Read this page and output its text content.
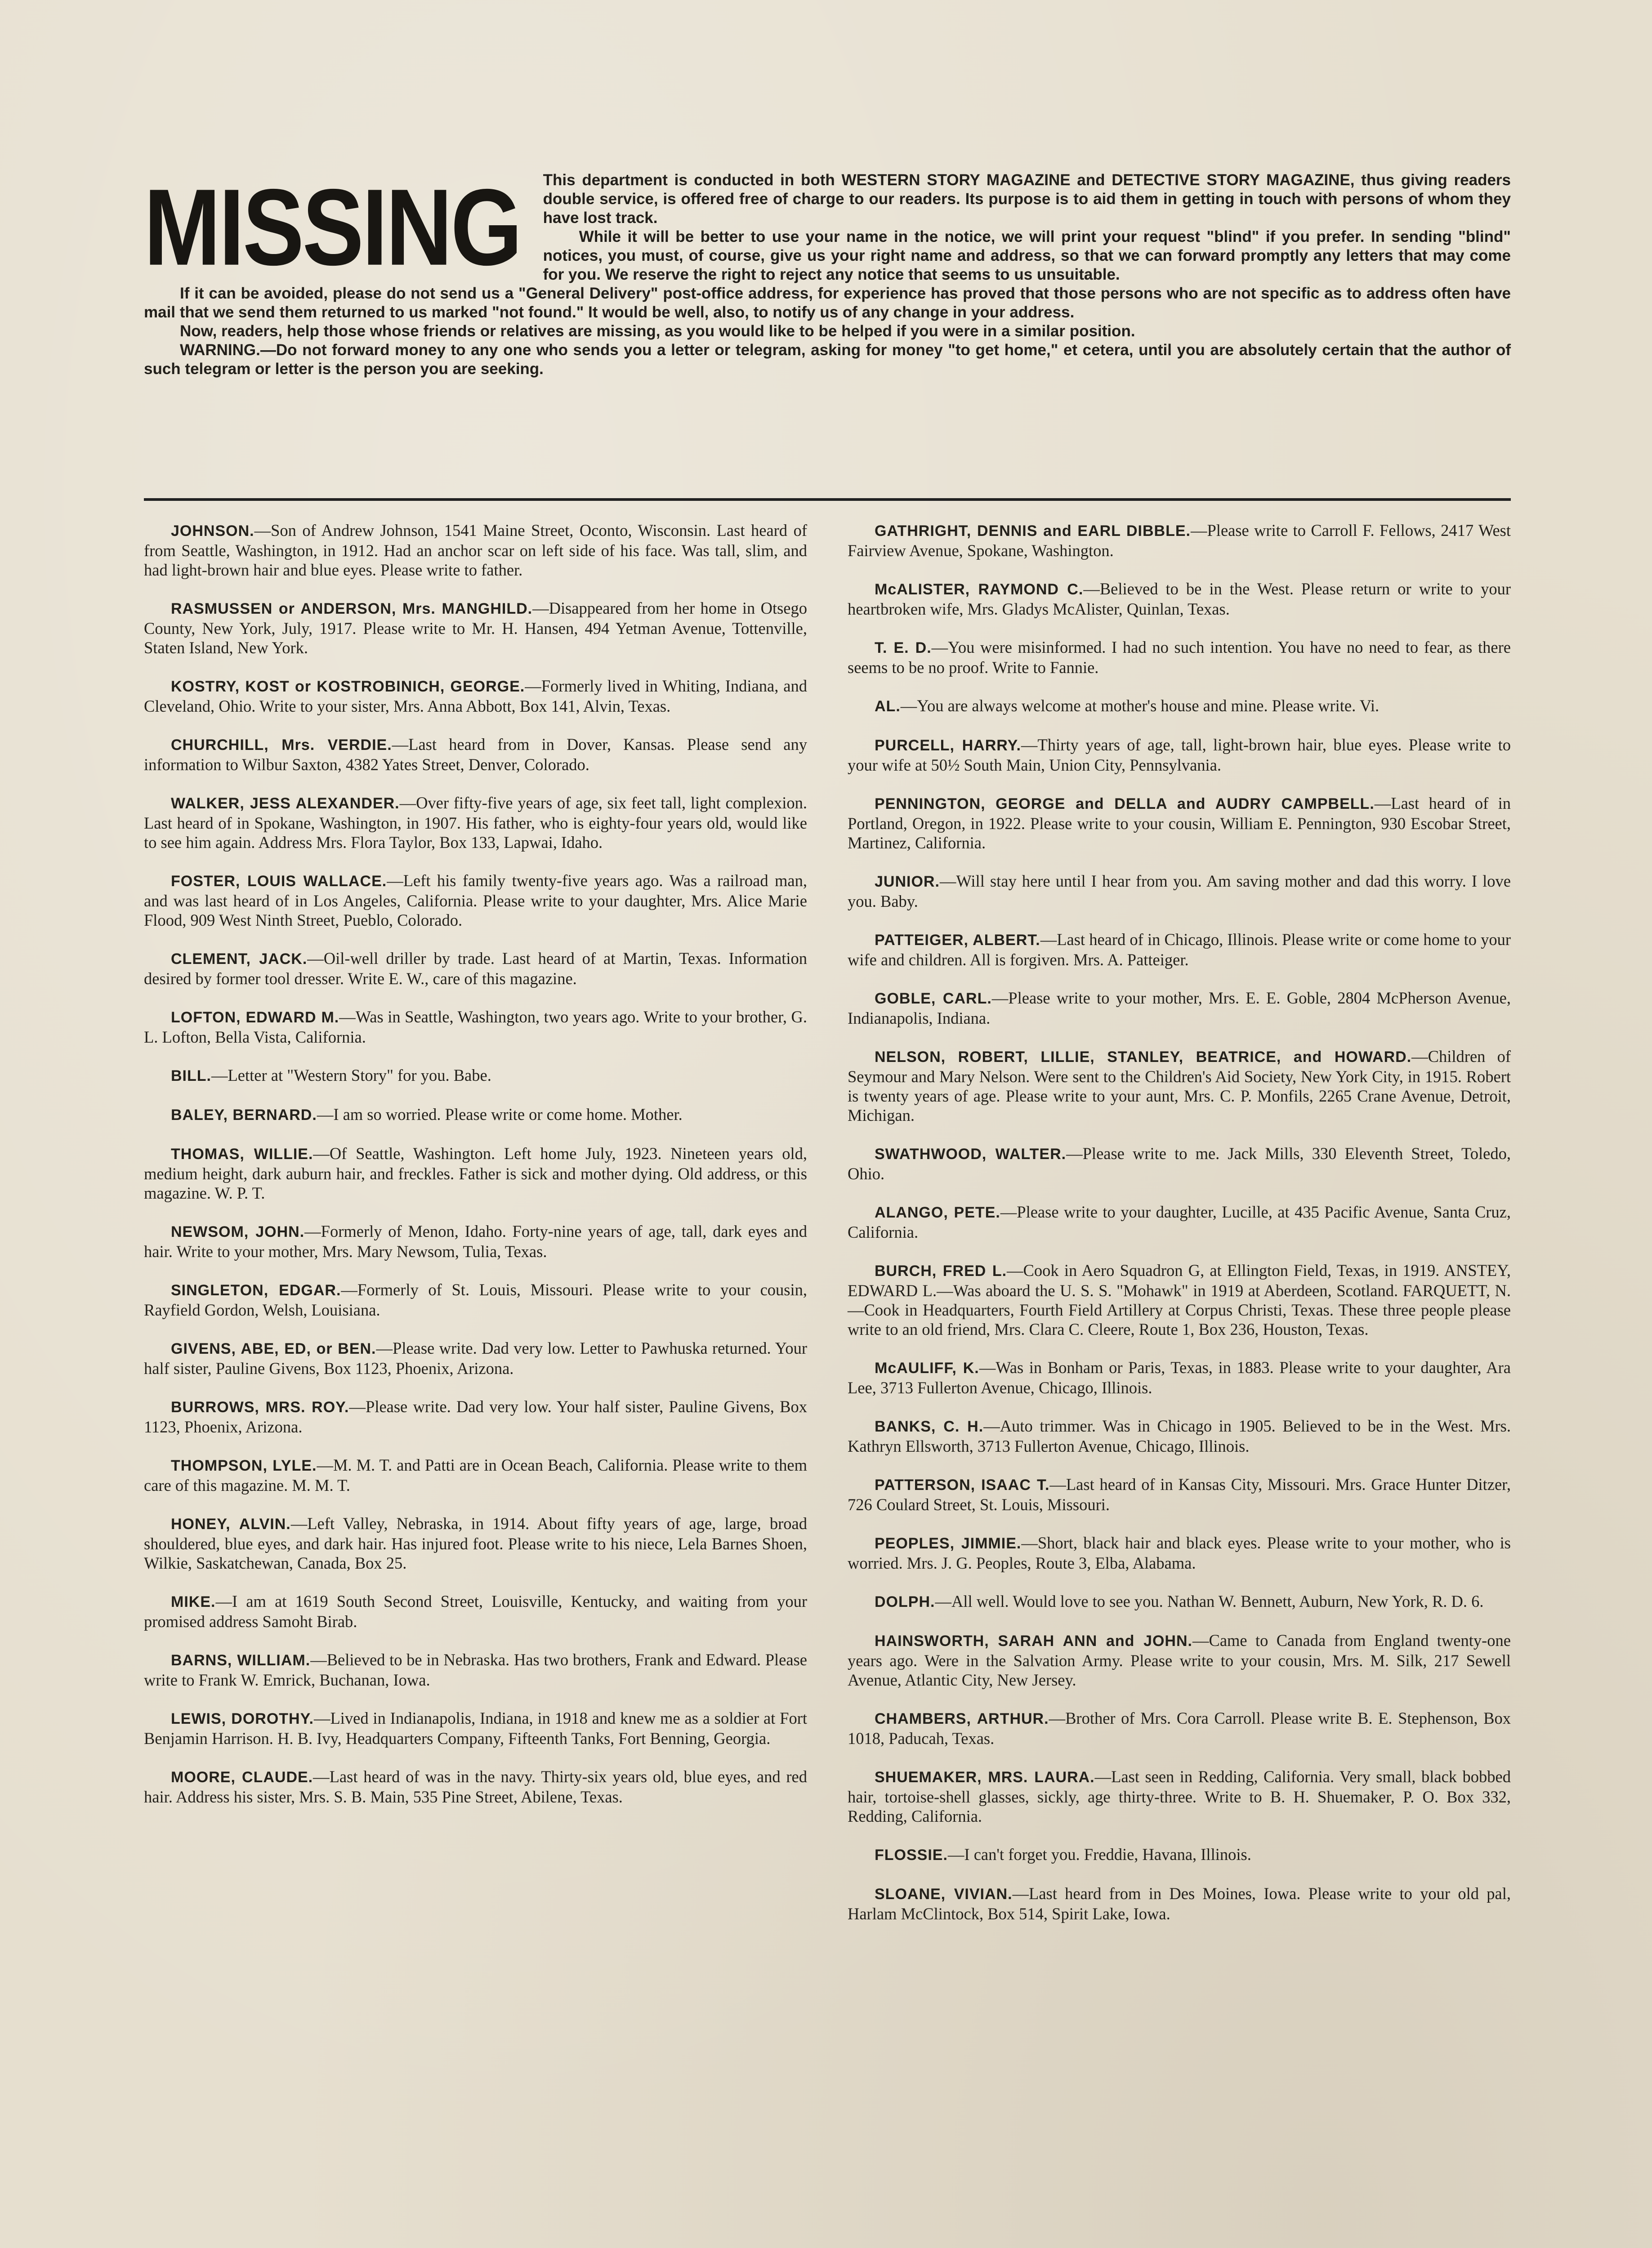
MISSING	This department is conducted in both WESTERN STORY MAGAZINE and DETECTIVE STORY MAGAZINE, thus giving readers double service, is offered free of charge to our readers. Its purpose is to aid them in getting in touch with persons of whom they have lost track.

While it will be better to use your name in the notice, we will print your request "blind" if you prefer. In sending "blind" notices, you must, of course, give us your right name and address, so that we can forward promptly any letters that may come for you. We reserve the right to reject any notice that seems to us unsuitable.

If it can be avoided, please do not send us a "General Delivery" post-office address, for experience has proved that those persons who are not specific as to address often have mail that we send them returned to us marked "not found." It would be well, also, to notify us of any change in your address.

Now, readers, help those whose friends or relatives are missing, as you would like to be helped if you were in a similar position.

WARNING.—Do not forward money to any one who sends you a letter or telegram, asking for money "to get home," et cetera, until you are absolutely certain that the author of such telegram or letter is the person you are seeking.

JOHNSON.—Son of Andrew Johnson, 1541 Maine Street, Oconto, Wisconsin. Last heard of from Seattle, Washington, in 1912. Had an anchor scar on left side of his face. Was tall, slim, and had light-brown hair and blue eyes. Please write to father.

RASMUSSEN or ANDERSON, Mrs. MANGHILD.—Disappeared from her home in Otsego County, New York, July, 1917. Please write to Mr. H. Hansen, 494 Yetman Avenue, Tottenville, Staten Island, New York.

KOSTRY, KOST or KOSTROBINICH, GEORGE.—Formerly lived in Whiting, Indiana, and Cleveland, Ohio. Write to your sister, Mrs. Anna Abbott, Box 141, Alvin, Texas.

CHURCHILL, Mrs. VERDIE.—Last heard from in Dover, Kansas. Please send any information to Wilbur Saxton, 4382 Yates Street, Denver, Colorado.

WALKER, JESS ALEXANDER.—Over fifty-five years of age, six feet tall, light complexion. Last heard of in Spokane, Washington, in 1907. His father, who is eighty-four years old, would like to see him again. Address Mrs. Flora Taylor, Box 133, Lapwai, Idaho.

FOSTER, LOUIS WALLACE.—Left his family twenty-five years ago. Was a railroad man, and was last heard of in Los Angeles, California. Please write to your daughter, Mrs. Alice Marie Flood, 909 West Ninth Street, Pueblo, Colorado.

CLEMENT, JACK.—Oil-well driller by trade. Last heard of at Martin, Texas. Information desired by former tool dresser. Write E. W., care of this magazine.

LOFTON, EDWARD M.—Was in Seattle, Washington, two years ago. Write to your brother, G. L. Lofton, Bella Vista, California.

BILL.—Letter at "Western Story" for you. Babe.

BALEY, BERNARD.—I am so worried. Please write or come home. Mother.

THOMAS, WILLIE.—Of Seattle, Washington. Left home July, 1923. Nineteen years old, medium height, dark auburn hair, and freckles. Father is sick and mother dying. Old address, or this magazine. W. P. T.

NEWSOM, JOHN.—Formerly of Menon, Idaho. Forty-nine years of age, tall, dark eyes and hair. Write to your mother, Mrs. Mary Newsom, Tulia, Texas.

SINGLETON, EDGAR.—Formerly of St. Louis, Missouri. Please write to your cousin, Rayfield Gordon, Welsh, Louisiana.

GIVENS, ABE, ED, or BEN.—Please write. Dad very low. Letter to Pawhuska returned. Your half sister, Pauline Givens, Box 1123, Phoenix, Arizona.

BURROWS, MRS. ROY.—Please write. Dad very low. Your half sister, Pauline Givens, Box 1123, Phoenix, Arizona.

THOMPSON, LYLE.—M. M. T. and Patti are in Ocean Beach, California. Please write to them care of this magazine. M. M. T.

HONEY, ALVIN.—Left Valley, Nebraska, in 1914. About fifty years of age, large, broad shouldered, blue eyes, and dark hair. Has injured foot. Please write to his niece, Lela Barnes Shoen, Wilkie, Saskatchewan, Canada, Box 25.

MIKE.—I am at 1619 South Second Street, Louisville, Kentucky, and waiting from your promised address Samoht Birab.

BARNS, WILLIAM.—Believed to be in Nebraska. Has two brothers, Frank and Edward. Please write to Frank W. Emrick, Buchanan, Iowa.

LEWIS, DOROTHY.—Lived in Indianapolis, Indiana, in 1918 and knew me as a soldier at Fort Benjamin Harrison. H. B. Ivy, Headquarters Company, Fifteenth Tanks, Fort Benning, Georgia.

MOORE, CLAUDE.—Last heard of was in the navy. Thirty-six years old, blue eyes, and red hair. Address his sister, Mrs. S. B. Main, 535 Pine Street, Abilene, Texas.

GATHRIGHT, DENNIS and EARL DIBBLE.—Please write to Carroll F. Fellows, 2417 West Fairview Avenue, Spokane, Washington.

McALISTER, RAYMOND C.—Believed to be in the West. Please return or write to your heartbroken wife, Mrs. Gladys McAlister, Quinlan, Texas.

T. E. D.—You were misinformed. I had no such intention. You have no need to fear, as there seems to be no proof. Write to Fannie.

AL.—You are always welcome at mother's house and mine. Please write. Vi.

PURCELL, HARRY.—Thirty years of age, tall, light-brown hair, blue eyes. Please write to your wife at 50½ South Main, Union City, Pennsylvania.

PENNINGTON, GEORGE and DELLA and AUDRY CAMPBELL.—Last heard of in Portland, Oregon, in 1922. Please write to your cousin, William E. Pennington, 930 Escobar Street, Martinez, California.

JUNIOR.—Will stay here until I hear from you. Am saving mother and dad this worry. I love you. Baby.

PATTEIGER, ALBERT.—Last heard of in Chicago, Illinois. Please write or come home to your wife and children. All is forgiven. Mrs. A. Patteiger.

GOBLE, CARL.—Please write to your mother, Mrs. E. E. Goble, 2804 McPherson Avenue, Indianapolis, Indiana.

NELSON, ROBERT, LILLIE, STANLEY, BEATRICE, and HOWARD.—Children of Seymour and Mary Nelson. Were sent to the Children's Aid Society, New York City, in 1915. Robert is twenty years of age. Please write to your aunt, Mrs. C. P. Monfils, 2265 Crane Avenue, Detroit, Michigan.

SWATHWOOD, WALTER.—Please write to me. Jack Mills, 330 Eleventh Street, Toledo, Ohio.

ALANGO, PETE.—Please write to your daughter, Lucille, at 435 Pacific Avenue, Santa Cruz, California.

BURCH, FRED L.—Cook in Aero Squadron G, at Ellington Field, Texas, in 1919. ANSTEY, EDWARD L.—Was aboard the U. S. S. "Mohawk" in 1919 at Aberdeen, Scotland. FARQUETT, N.—Cook in Headquarters, Fourth Field Artillery at Corpus Christi, Texas. These three people please write to an old friend, Mrs. Clara C. Cleere, Route 1, Box 236, Houston, Texas.

McAULIFF, K.—Was in Bonham or Paris, Texas, in 1883. Please write to your daughter, Ara Lee, 3713 Fullerton Avenue, Chicago, Illinois.

BANKS, C. H.—Auto trimmer. Was in Chicago in 1905. Believed to be in the West. Mrs. Kathryn Ellsworth, 3713 Fullerton Avenue, Chicago, Illinois.

PATTERSON, ISAAC T.—Last heard of in Kansas City, Missouri. Mrs. Grace Hunter Ditzer, 726 Coulard Street, St. Louis, Missouri.

PEOPLES, JIMMIE.—Short, black hair and black eyes. Please write to your mother, who is worried. Mrs. J. G. Peoples, Route 3, Elba, Alabama.

DOLPH.—All well. Would love to see you. Nathan W. Bennett, Auburn, New York, R. D. 6.

HAINSWORTH, SARAH ANN and JOHN.—Came to Canada from England twenty-one years ago. Were in the Salvation Army. Please write to your cousin, Mrs. M. Silk, 217 Sewell Avenue, Atlantic City, New Jersey.

CHAMBERS, ARTHUR.—Brother of Mrs. Cora Carroll. Please write B. E. Stephenson, Box 1018, Paducah, Texas.

SHUEMAKER, MRS. LAURA.—Last seen in Redding, California. Very small, black bobbed hair, tortoise-shell glasses, sickly, age thirty-three. Write to B. H. Shuemaker, P. O. Box 332, Redding, California.

FLOSSIE.—I can't forget you. Freddie, Havana, Illinois.

SLOANE, VIVIAN.—Last heard from in Des Moines, Iowa. Please write to your old pal, Harlam McClintock, Box 514, Spirit Lake, Iowa.
